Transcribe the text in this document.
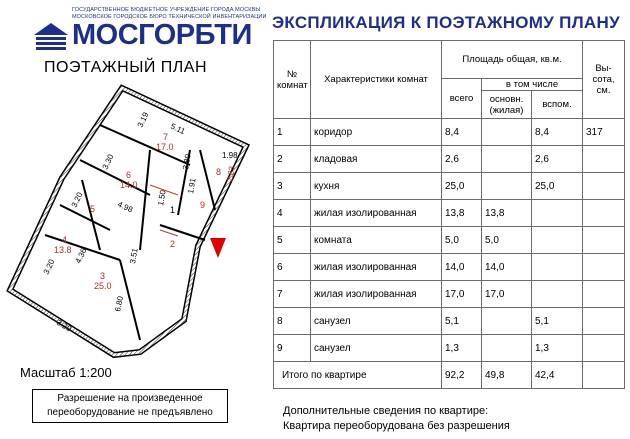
ГОСУДАРСТВЕННОЕ БЮДЖЕТНОЕ УЧРЕЖДЕНИЕ ГОРОДА МОСКВЫ
МОСКОВСКОЕ ГОРОДСКОЕ БЮРО ТЕХНИЧЕСКОЙ ИНВЕНТАРИЗАЦИИ
МОСГОРБТИ
ПОЭТАЖНЫЙ ПЛАН
7
17.0
6
14.0
4
13.8
3
25.0
5	1
2
8
9
5.11
3.19
3.30	3.80	1.98
1.91
1.50
4.98
3.20
4.36
3.20
6.80
3.29
2.83
3.51
Масштаб 1:200
Разрешение на произведенное переоборудование не предъявлено
ЭКСПЛИКАЦИЯ К ПОЭТАЖНОМУ ПЛАНУ
№ комнат	Характеристики комнат	Площадь общая, кв.м.			Вы- сота, см.
		всего	в том числе		
			основн. (жилая)	вспом.	
1	коридор	8,4		8,4	317
2	кладовая	2,6		2,6	
3	кухня	25,0		25,0	
4	жилая изолированная	13,8	13,8		
5	комната	5,0	5,0		
6	жилая изолированная	14,0	14,0		
7	жилая изолированная	17,0	17,0		
8	санузел	5,1		5,1	
9	санузел	1,3		1,3	
Итого по квартире		92,2	49,8	42,4	
Дополнительные сведения по квартире:
Квартира переоборудована без разрешения
